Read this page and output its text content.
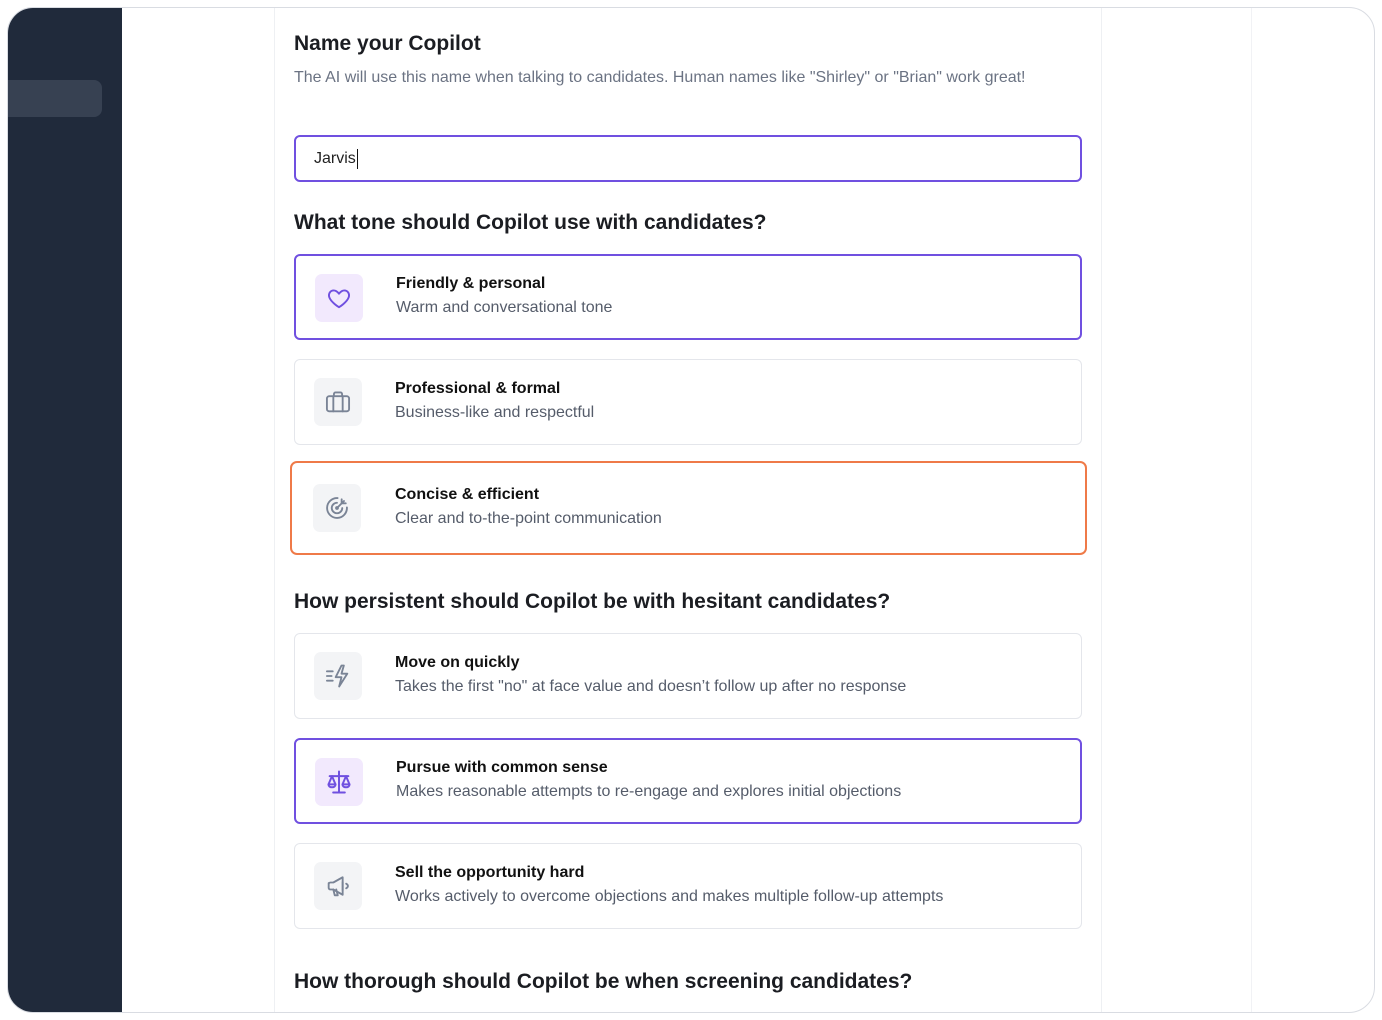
Name your Copilot

The AI will use this name when talking to candidates. Human names like "Shirley" or "Brian" work great!

Jarvis
What tone should Copilot use with candidates?
Friendly & personal
Warm and conversational tone
Professional & formal
Business-like and respectful
Concise & efficient
Clear and to-the-point communication
How persistent should Copilot be with hesitant candidates?
Move on quickly
Takes the first "no" at face value and doesn’t follow up after no response
Pursue with common sense
Makes reasonable attempts to re-engage and explores initial objections
Sell the opportunity hard
Works actively to overcome objections and makes multiple follow-up attempts
How thorough should Copilot be when screening candidates?
